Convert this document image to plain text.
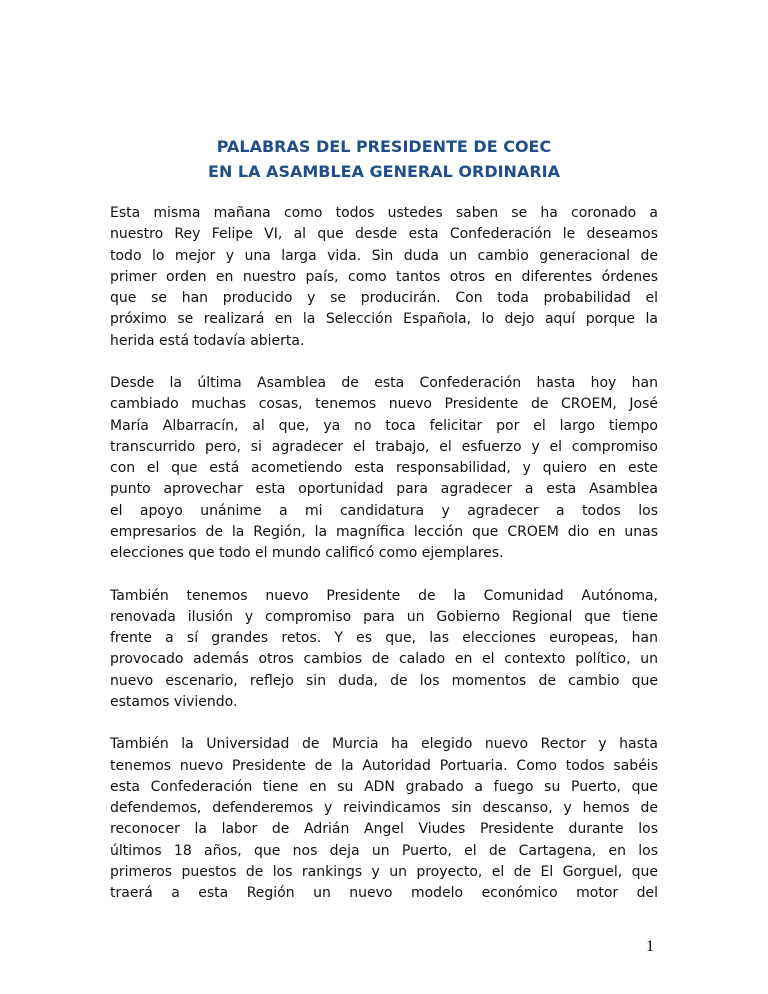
PALABRAS DEL PRESIDENTE DE COEC
EN LA ASAMBLEA GENERAL ORDINARIA
Esta misma mañana como todos ustedes saben se ha coronado a
nuestro Rey Felipe VI, al que desde esta Confederación le deseamos
todo lo mejor y una larga vida. Sin duda un cambio generacional de
primer orden en nuestro país, como tantos otros en diferentes órdenes
que se han producido y se producirán. Con toda probabilidad el
próximo se realizará en la Selección Española, lo dejo aquí porque la
herida está todavía abierta.
Desde la última Asamblea de esta Confederación hasta hoy han
cambiado muchas cosas, tenemos nuevo Presidente de CROEM, José
María Albarracín, al que, ya no toca felicitar por el largo tiempo
transcurrido pero, si agradecer el trabajo, el esfuerzo y el compromiso
con el que está acometiendo esta responsabilidad, y quiero en este
punto aprovechar esta oportunidad para agradecer a esta Asamblea
el apoyo unánime a mi candidatura y agradecer a todos los
empresarios de la Región, la magnífica lección que CROEM dio en unas
elecciones que todo el mundo calificó como ejemplares.
También tenemos nuevo Presidente de la Comunidad Autónoma,
renovada ilusión y compromiso para un Gobierno Regional que tiene
frente a sí grandes retos. Y es que, las elecciones europeas, han
provocado además otros cambios de calado en el contexto político, un
nuevo escenario, reflejo sin duda, de los momentos de cambio que
estamos viviendo.
También la Universidad de Murcia ha elegido nuevo Rector y hasta
tenemos nuevo Presidente de la Autoridad Portuaria. Como todos sabéis
esta Confederación tiene en su ADN grabado a fuego su Puerto, que
defendemos, defenderemos y reivindicamos sin descanso, y hemos de
reconocer la labor de Adrián Angel Viudes Presidente durante los
últimos 18 años, que nos deja un Puerto, el de Cartagena, en los
primeros puestos de los rankings y un proyecto, el de El Gorguel, que
traerá a esta Región un nuevo modelo económico motor del
1
